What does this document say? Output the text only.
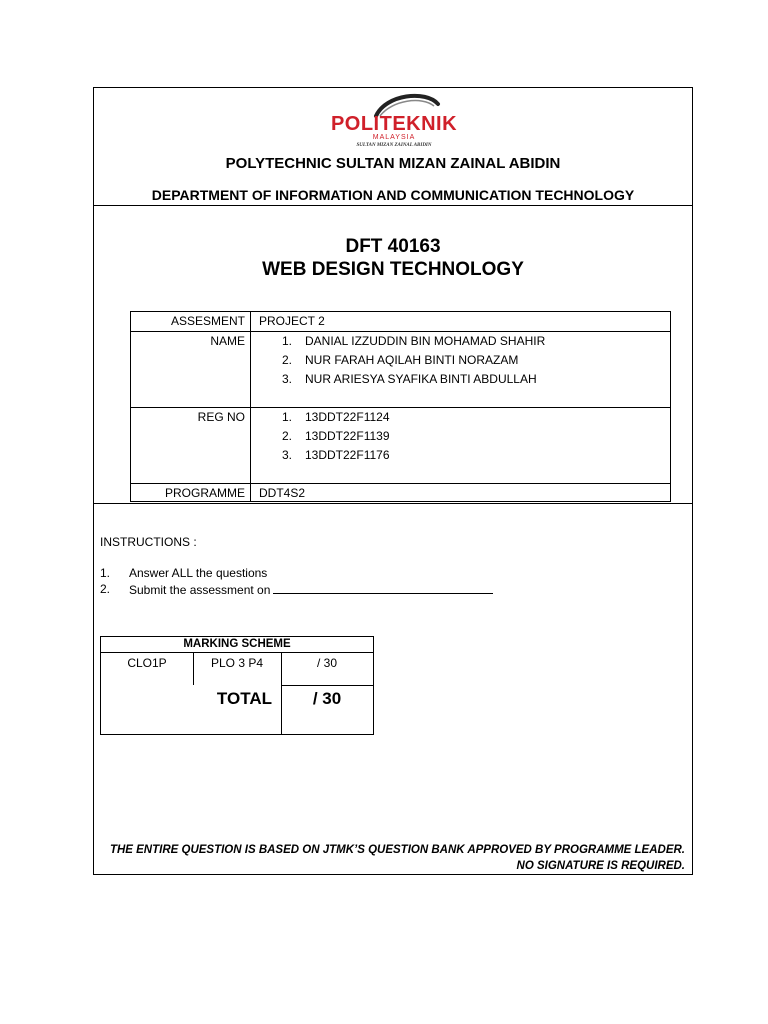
POLITEKNIK
MALAYSIA
SULTAN MIZAN ZAINAL ABIDIN
POLYTECHNIC SULTAN MIZAN ZAINAL ABIDIN
DEPARTMENT OF INFORMATION AND COMMUNICATION TECHNOLOGY
DFT 40163
WEB DESIGN TECHNOLOGY
ASSESMENT PROJECT 2
NAME	1. DANIAL IZZUDDIN BIN MOHAMAD SHAHIR
2. NUR FARAH AQILAH BINTI NORAZAM
3. NUR ARIESYA SYAFIKA BINTI ABDULLAH
REG NO	1. 13DDT22F1124
2. 13DDT22F1139
3. 13DDT22F1176
PROGRAMME DDT4S2
INSTRUCTIONS :
1. Answer ALL the questions
2. Submit the assessment on
MARKING SCHEME
CLO1P	PLO 3 P4	/ 30
TOTAL	/ 30
THE ENTIRE QUESTION IS BASED ON JTMK’S QUESTION BANK APPROVED BY PROGRAMME LEADER.
NO SIGNATURE IS REQUIRED.
